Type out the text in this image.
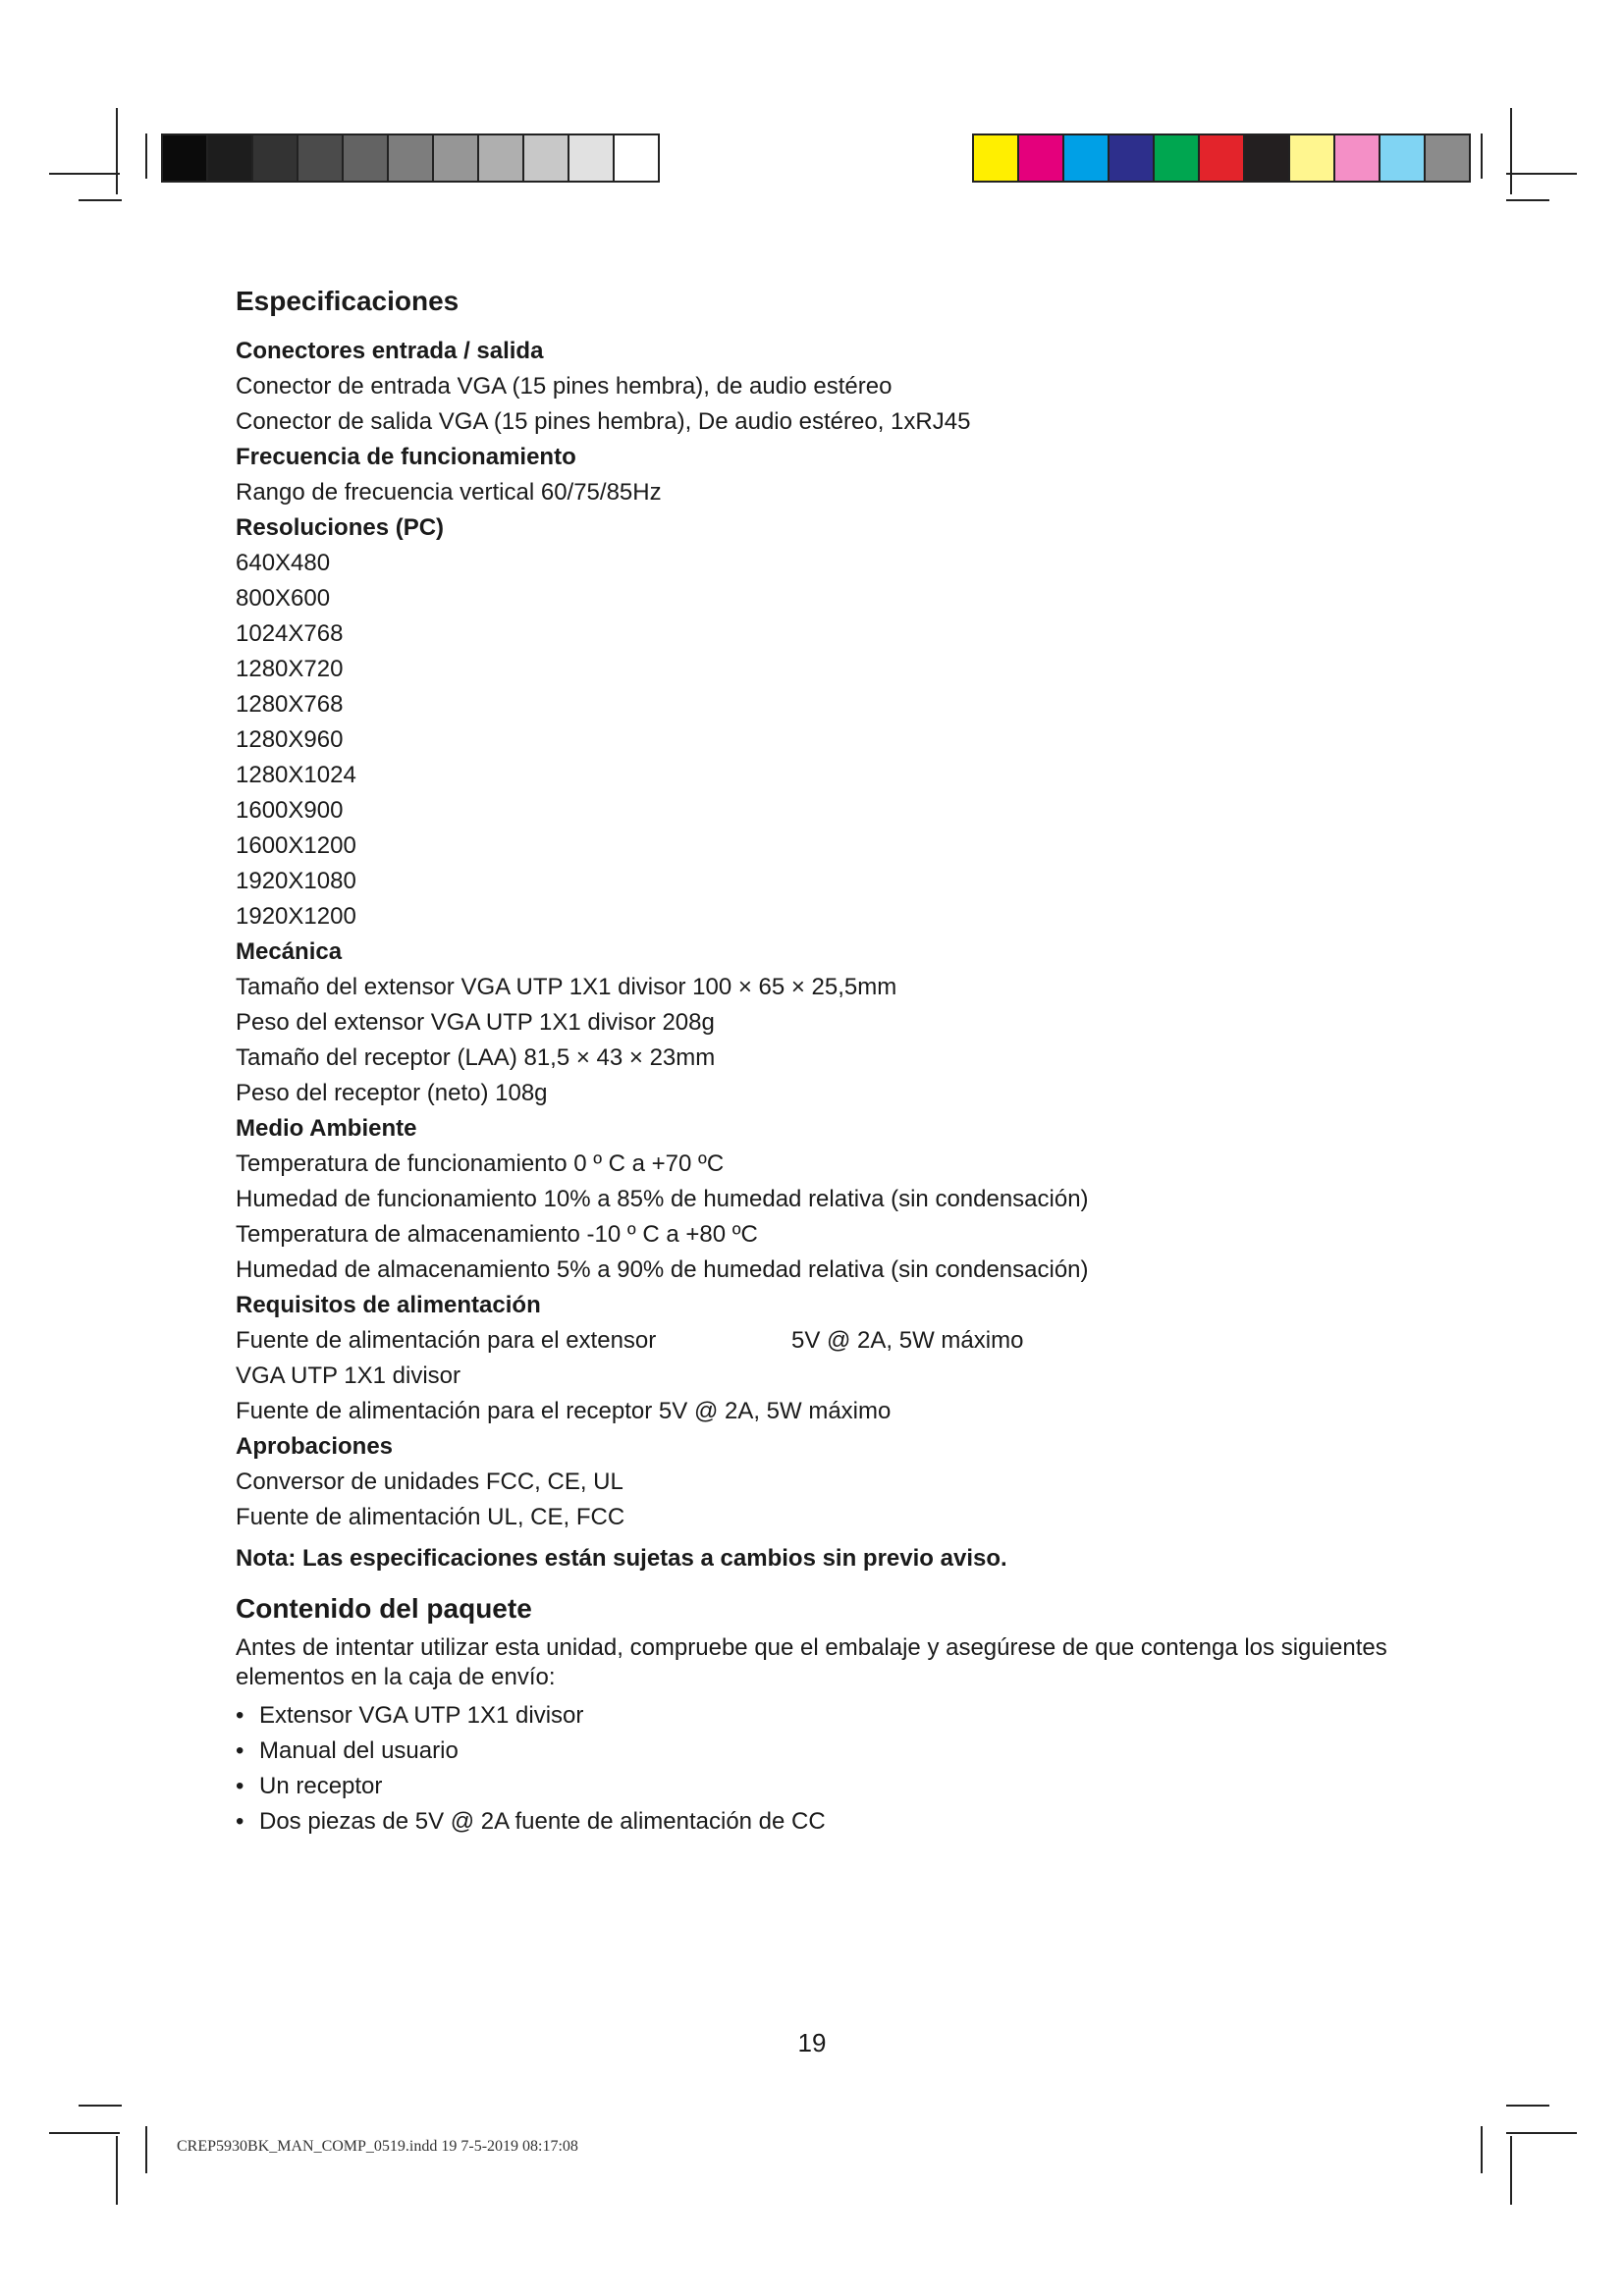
Especificaciones
Conectores entrada / salida
Conector de entrada VGA (15 pines hembra), de audio estéreo
Conector de salida VGA (15 pines hembra), De audio estéreo, 1xRJ45
Frecuencia de funcionamiento
Rango de frecuencia vertical 60/75/85Hz
Resoluciones (PC)
640X480
800X600
1024X768
1280X720
1280X768
1280X960
1280X1024
1600X900
1600X1200
1920X1080
1920X1200
Mecánica
Tamaño del extensor VGA UTP 1X1 divisor 100 × 65 × 25,5mm
Peso del extensor VGA UTP 1X1 divisor 208g
Tamaño del receptor (LAA) 81,5 × 43 × 23mm
Peso del receptor (neto) 108g
Medio Ambiente
Temperatura de funcionamiento 0 º C a +70 ºC
Humedad de funcionamiento 10% a 85% de humedad relativa (sin condensación)
Temperatura de almacenamiento -10 º C a +80 ºC
Humedad de almacenamiento 5% a 90% de humedad relativa (sin condensación)
Requisitos de alimentación
Fuente de alimentación para el extensor	5V @ 2A, 5W máximo
VGA UTP 1X1 divisor
Fuente de alimentación para el receptor 5V @ 2A, 5W máximo
Aprobaciones
Conversor de unidades FCC, CE, UL
Fuente de alimentación UL, CE, FCC
Nota: Las especificaciones están sujetas a cambios sin previo aviso.
Contenido del paquete
Antes de intentar utilizar esta unidad, compruebe que el embalaje y asegúrese de que contenga los siguientes elementos en la caja de envío:
• Extensor VGA UTP 1X1 divisor
• Manual del usuario
• Un receptor
• Dos piezas de 5V @ 2A fuente de alimentación de CC
19
CREP5930BK_MAN_COMP_0519.indd 19 7-5-2019 08:17:08
